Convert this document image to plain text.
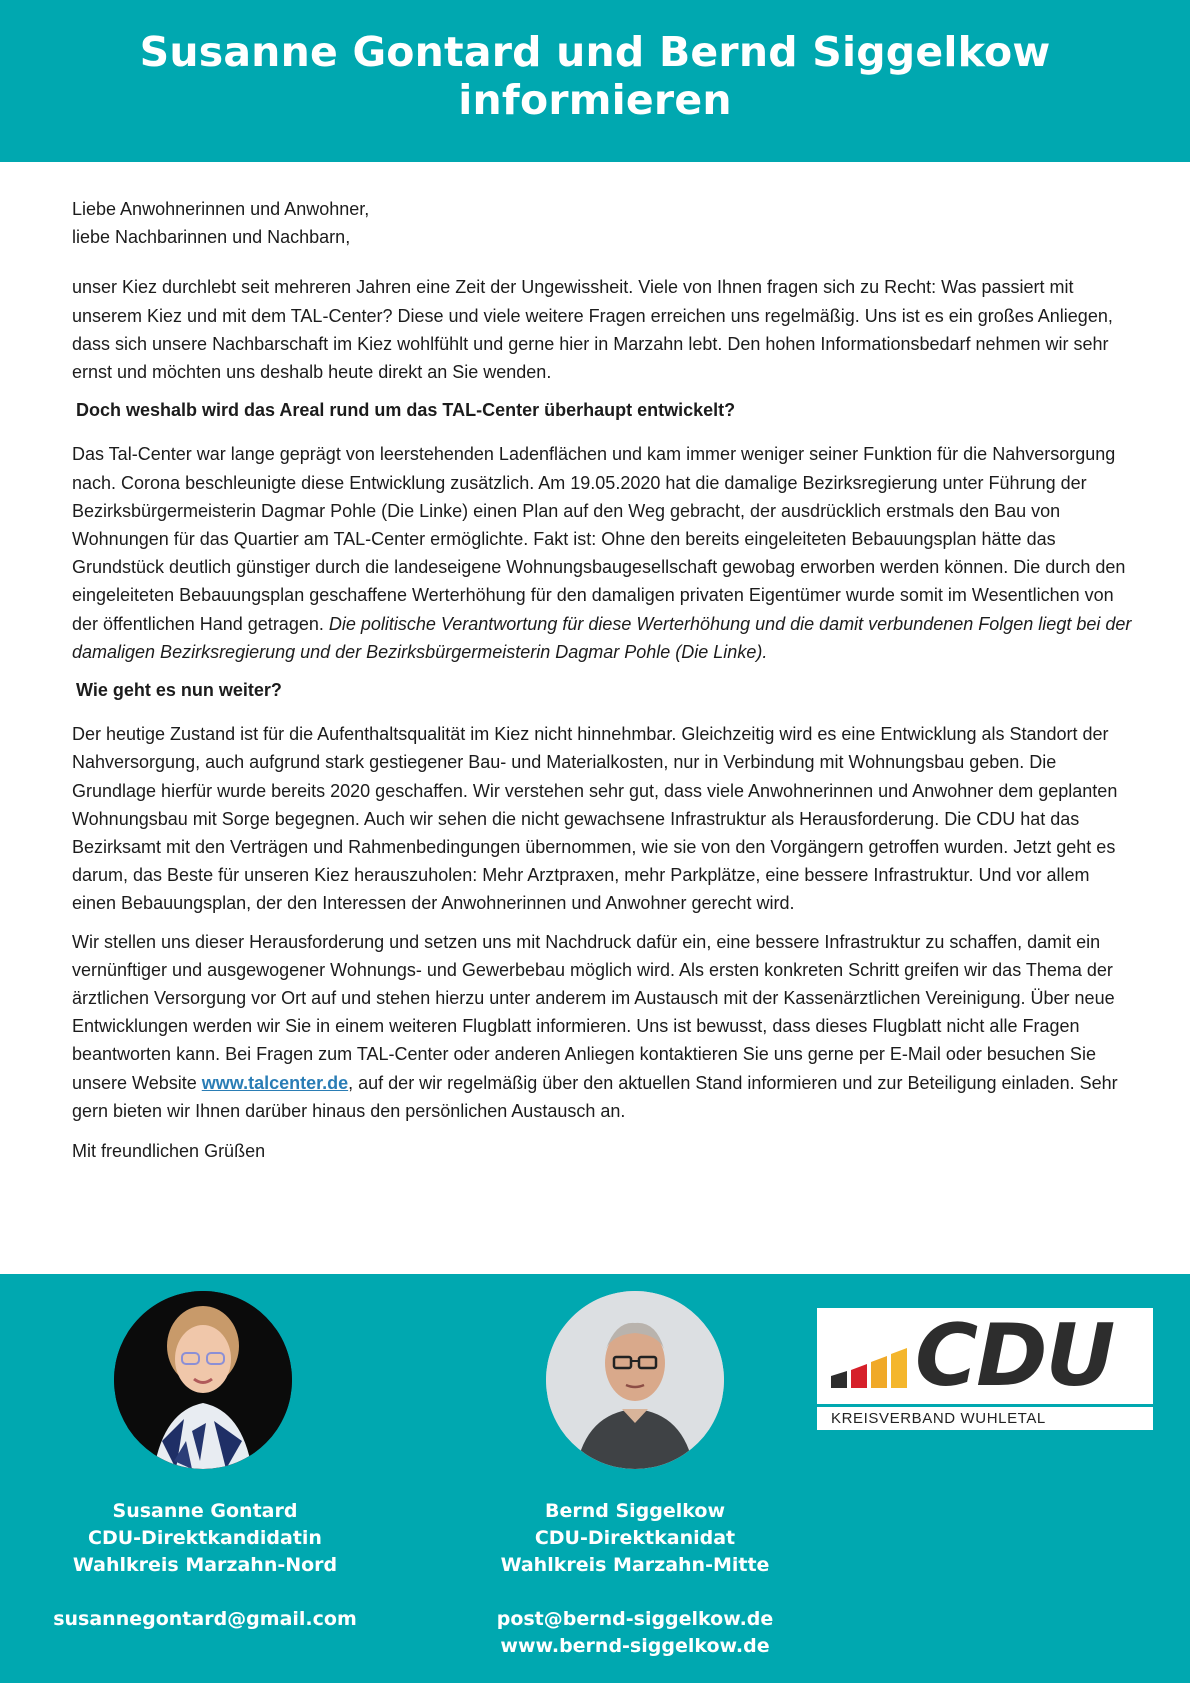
Susanne Gontard und Bernd Siggelkow informieren
Liebe Anwohnerinnen und Anwohner,
liebe Nachbarinnen und Nachbarn,

unser Kiez durchlebt seit mehreren Jahren eine Zeit der Ungewissheit. Viele von Ihnen fragen sich zu Recht: Was passiert mit unserem Kiez und mit dem TAL-Center? Diese und viele weitere Fragen erreichen uns regelmäßig. Uns ist es ein großes Anliegen, dass sich unsere Nachbarschaft im Kiez wohlfühlt und gerne hier in Marzahn lebt. Den hohen Informationsbedarf nehmen wir sehr ernst und möchten uns deshalb heute direkt an Sie wenden.

Doch weshalb wird das Areal rund um das TAL-Center überhaupt entwickelt?

Das Tal-Center war lange geprägt von leerstehenden Ladenflächen und kam immer weniger seiner Funktion für die Nahversorgung nach. Corona beschleunigte diese Entwicklung zusätzlich. Am 19.05.2020 hat die damalige Bezirksregierung unter Führung der Bezirksbürgermeisterin Dagmar Pohle (Die Linke) einen Plan auf den Weg gebracht, der ausdrücklich erstmals den Bau von Wohnungen für das Quartier am TAL-Center ermöglichte. Fakt ist: Ohne den bereits eingeleiteten Bebauungsplan hätte das Grundstück deutlich günstiger durch die landeseigene Wohnungsbaugesellschaft gewobag erworben werden können. Die durch den eingeleiteten Bebauungsplan geschaffene Werterhöhung für den damaligen privaten Eigentümer wurde somit im Wesentlichen von der öffentlichen Hand getragen. Die politische Verantwortung für diese Werterhöhung und die damit verbundenen Folgen liegt bei der damaligen Bezirksregierung und der Bezirksbürgermeisterin Dagmar Pohle (Die Linke).

Wie geht es nun weiter?

Der heutige Zustand ist für die Aufenthaltsqualität im Kiez nicht hinnehmbar. Gleichzeitig wird es eine Entwicklung als Standort der Nahversorgung, auch aufgrund stark gestiegener Bau- und Materialkosten, nur in Verbindung mit Wohnungsbau geben. Die Grundlage hierfür wurde bereits 2020 geschaffen. Wir verstehen sehr gut, dass viele Anwohnerinnen und Anwohner dem geplanten Wohnungsbau mit Sorge begegnen. Auch wir sehen die nicht gewachsene Infrastruktur als Herausforderung. Die CDU hat das Bezirksamt mit den Verträgen und Rahmenbedingungen übernommen, wie sie von den Vorgängern getroffen wurden. Jetzt geht es darum, das Beste für unseren Kiez herauszuholen: Mehr Arztpraxen, mehr Parkplätze, eine bessere Infrastruktur. Und vor allem einen Bebauungsplan, der den Interessen der Anwohnerinnen und Anwohner gerecht wird.

Wir stellen uns dieser Herausforderung und setzen uns mit Nachdruck dafür ein, eine bessere Infrastruktur zu schaffen, damit ein vernünftiger und ausgewogener Wohnungs- und Gewerbebau möglich wird. Als ersten konkreten Schritt greifen wir das Thema der ärztlichen Versorgung vor Ort auf und stehen hierzu unter anderem im Austausch mit der Kassenärztlichen Vereinigung. Über neue Entwicklungen werden wir Sie in einem weiteren Flugblatt informieren. Uns ist bewusst, dass dieses Flugblatt nicht alle Fragen beantworten kann. Bei Fragen zum TAL-Center oder anderen Anliegen kontaktieren Sie uns gerne per E-Mail oder besuchen Sie unsere Website www.talcenter.de, auf der wir regelmäßig über den aktuellen Stand informieren und zur Beteiligung einladen. Sehr gern bieten wir Ihnen darüber hinaus den persönlichen Austausch an.

Mit freundlichen Grüßen

Susanne Gontard
CDU-Direktkandidatin
Wahlkreis Marzahn-Nord
susannegontard@gmail.com
Bernd Siggelkow
CDU-Direktkanidat
Wahlkreis Marzahn-Mitte
post@bernd-siggelkow.de
www.bernd-siggelkow.de
CDU
KREISVERBAND WUHLETAL
